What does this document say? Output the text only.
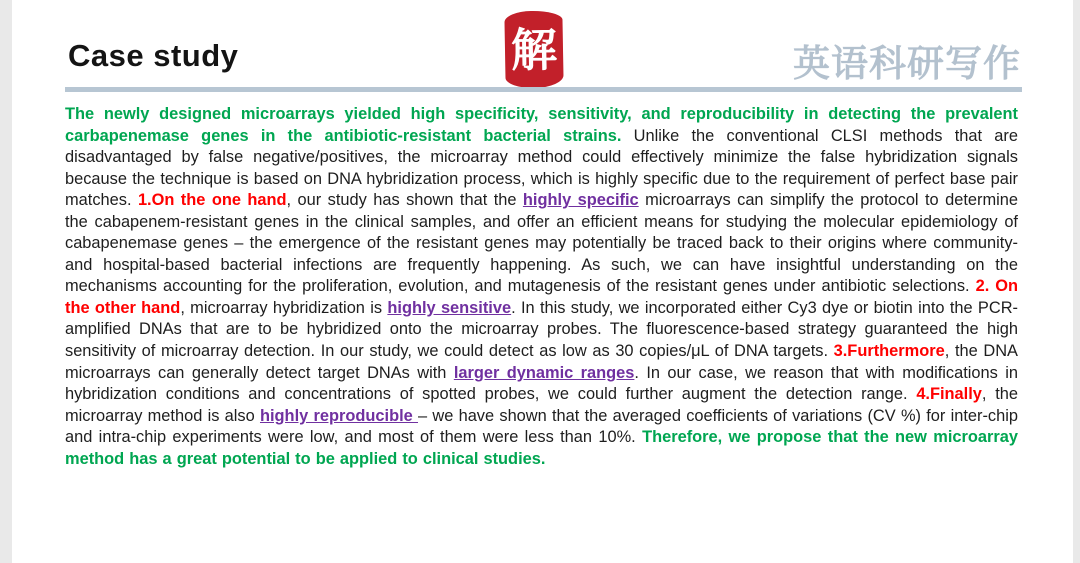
Case study	解	英语科研写作

The newly designed microarrays yielded high specificity, sensitivity, and reproducibility in detecting the prevalent carbapenemase genes in the antibiotic-resistant bacterial strains. Unlike the conventional CLSI methods that are disadvantaged by false negative/positives, the microarray method could effectively minimize the false hybridization signals because the technique is based on DNA hybridization process, which is highly specific due to the requirement of perfect base pair matches. 1.On the one hand, our study has shown that the highly specific microarrays can simplify the protocol to determine the cabapenem-resistant genes in the clinical samples, and offer an efficient means for studying the molecular epidemiology of cabapenemase genes – the emergence of the resistant genes may potentially be traced back to their origins where community- and hospital-based bacterial infections are frequently happening. As such, we can have insightful understanding on the mechanisms accounting for the proliferation, evolution, and mutagenesis of the resistant genes under antibiotic selections. 2. On the other hand, microarray hybridization is highly sensitive. In this study, we incorporated either Cy3 dye or biotin into the PCR-amplified DNAs that are to be hybridized onto the microarray probes. The fluorescence-based strategy guaranteed the high sensitivity of microarray detection. In our study, we could detect as low as 30 copies/μL of DNA targets. 3.Furthermore, the DNA microarrays can generally detect target DNAs with larger dynamic ranges. In our case, we reason that with modifications in hybridization conditions and concentrations of spotted probes, we could further augment the detection range. 4.Finally, the microarray method is also highly reproducible – we have shown that the averaged coefficients of variations (CV %) for inter-chip and intra-chip experiments were low, and most of them were less than 10%. Therefore, we propose that the new microarray method has a great potential to be applied to clinical studies.
